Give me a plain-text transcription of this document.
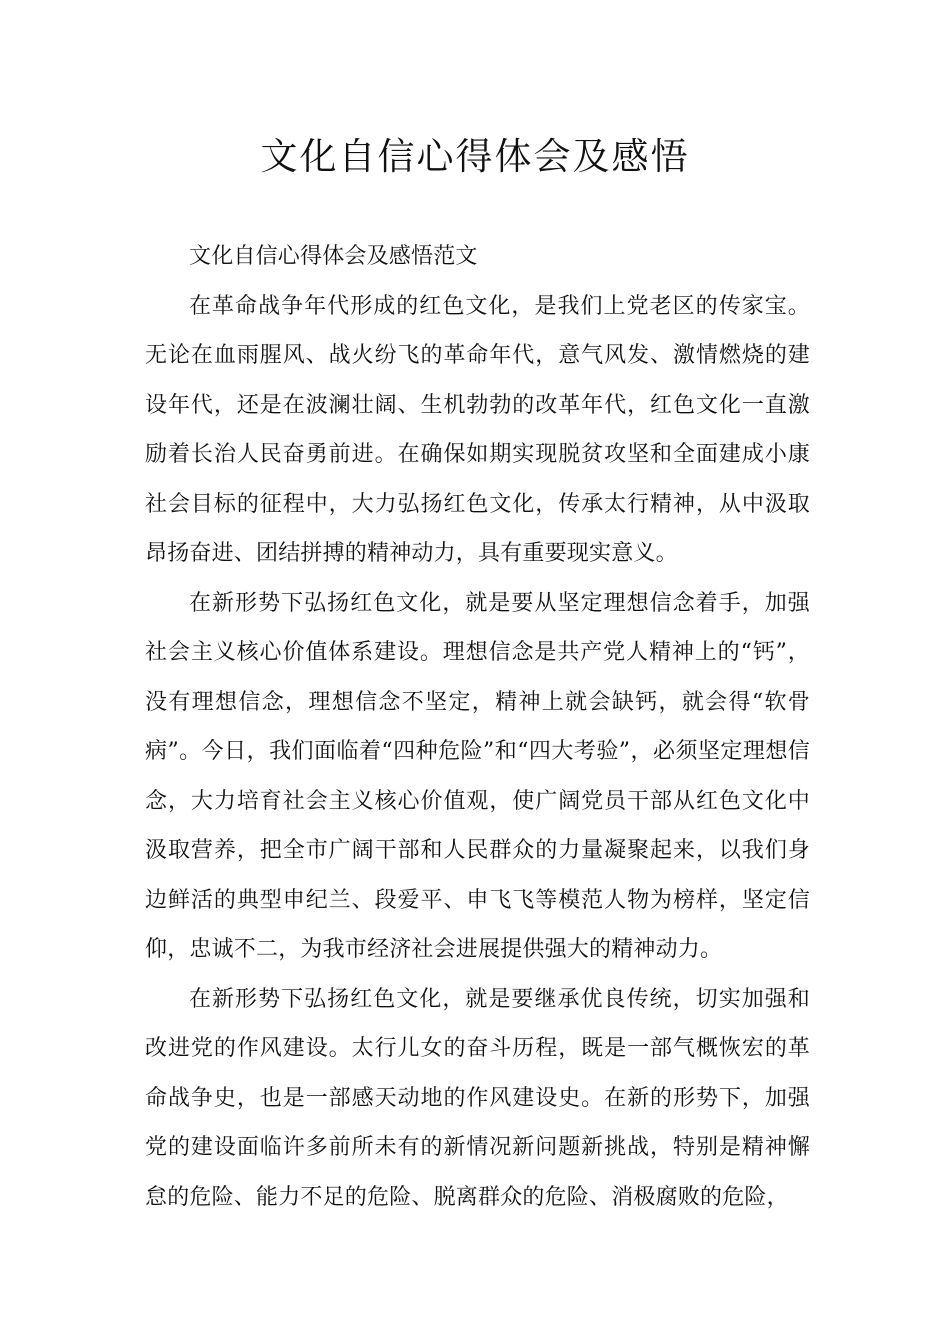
文化自信心得体会及感悟

文化自信心得体会及感悟范文

在革命战争年代形成的红色文化，是我们上党老区的传家宝。无论在血雨腥风、战火纷飞的革命年代，意气风发、激情燃烧的建设年代，还是在波澜壮阔、生机勃勃的改革年代，红色文化一直激励着长治人民奋勇前进。在确保如期实现脱贫攻坚和全面建成小康社会目标的征程中，大力弘扬红色文化，传承太行精神，从中汲取昂扬奋进、团结拼搏的精神动力，具有重要现实意义。

在新形势下弘扬红色文化，就是要从坚定理想信念着手，加强社会主义核心价值体系建设。理想信念是共产党人精神上的“钙”，没有理想信念，理想信念不坚定，精神上就会缺钙，就会得“软骨病”。今日，我们面临着“四种危险”和“四大考验”，必须坚定理想信念，大力培育社会主义核心价值观，使广阔党员干部从红色文化中汲取营养，把全市广阔干部和人民群众的力量凝聚起来，以我们身边鲜活的典型申纪兰、段爱平、申飞飞等模范人物为榜样，坚定信仰，忠诚不二，为我市经济社会进展提供强大的精神动力。

在新形势下弘扬红色文化，就是要继承优良传统，切实加强和改进党的作风建设。太行儿女的奋斗历程，既是一部气概恢宏的革命战争史，也是一部感天动地的作风建设史。在新的形势下，加强党的建设面临许多前所未有的新情况新问题新挑战，特别是精神懈怠的危险、能力不足的危险、脱离群众的危险、消极腐败的危险，
